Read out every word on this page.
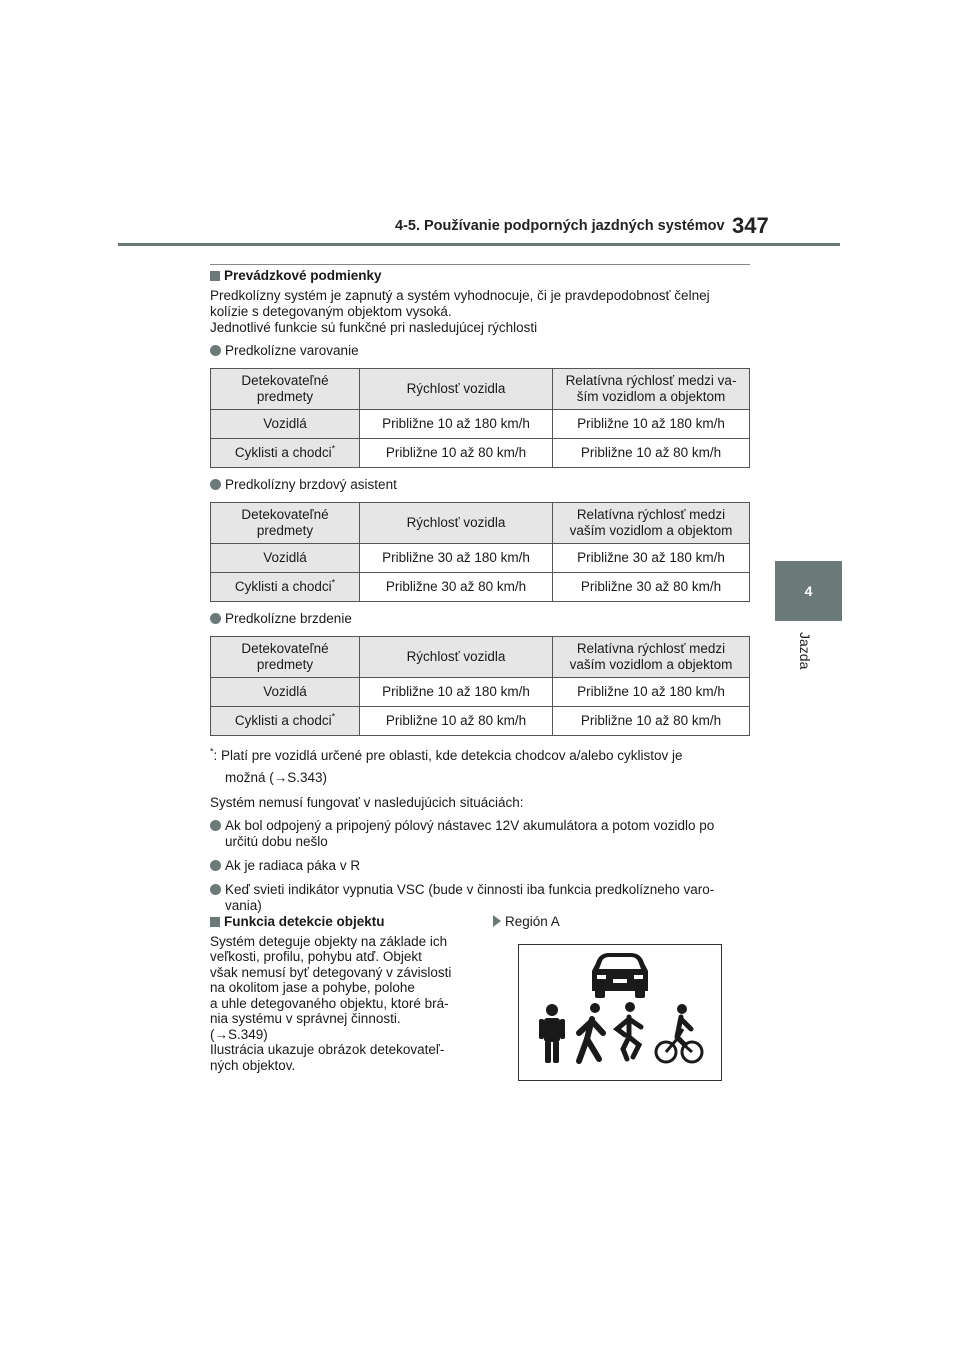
4-5. Používanie podporných jazdných systémov 347
4
Jazda
Prevádzkové podmienky

Predkolízny systém je zapnutý a systém vyhodnocuje, či je pravdepodobnosť čelnej

kolízie s detegovaným objektom vysoká.

Jednotlivé funkcie sú funkčné pri nasledujúcej rýchlosti

Predkolízne varovanie
Detekovateľné predmety	Rýchlosť vozidla	Relatívna rýchlosť medzi va-ším vozidlom a objektom
Vozidlá	Približne 10 až 180 km/h	Približne 10 až 180 km/h
Cyklisti a chodci*	Približne 10 až 80 km/h	Približne 10 až 80 km/h
Predkolízny brzdový asistent
Detekovateľné predmety	Rýchlosť vozidla	Relatívna rýchlosť medzi vaším vozidlom a objektom
Vozidlá	Približne 30 až 180 km/h	Približne 30 až 180 km/h
Cyklisti a chodci*	Približne 30 až 80 km/h	Približne 30 až 80 km/h
Predkolízne brzdenie
Detekovateľné predmety	Rýchlosť vozidla	Relatívna rýchlosť medzi vaším vozidlom a objektom
Vozidlá	Približne 10 až 180 km/h	Približne 10 až 180 km/h
Cyklisti a chodci*	Približne 10 až 80 km/h	Približne 10 až 80 km/h
*: Platí pre vozidlá určené pre oblasti, kde detekcia chodcov a/alebo cyklistov je
možná (→S.343)
Systém nemusí fungovať v nasledujúcich situáciách:
Ak bol odpojený a pripojený pólový nástavec 12V akumulátora a potom vozidlo po určitú dobu nešlo
Ak je radiaca páka v R
Keď svieti indikátor vypnutia VSC (bude v činnosti iba funkcia predkolízneho varo-vania)
Funkcia detekcie objektu

Systém deteguje objekty na základe ich

veľkosti, profilu, pohybu atď. Objekt

však nemusí byť detegovaný v závislosti

na okolitom jase a pohybe, polohe

a uhle detegovaného objektu, ktoré brá-

nia systému v správnej činnosti.

(→S.349)

Ilustrácia ukazuje obrázok detekovateľ-

ných objektov.

Región A
